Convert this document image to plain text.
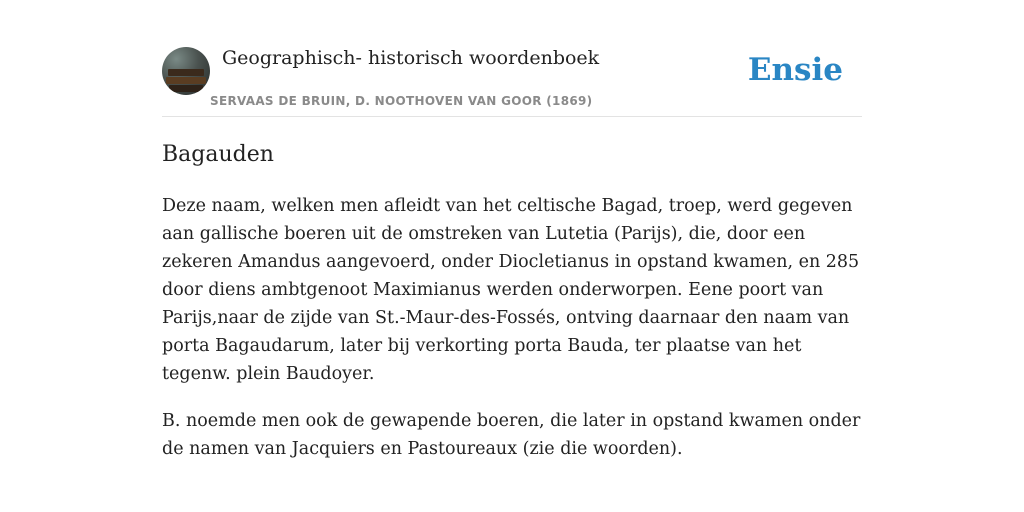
Geographisch- historisch woordenboek
SERVAAS DE BRUIN, D. NOOTHOVEN VAN GOOR (1869)
Ensie
Bagauden

Deze naam, welken men afleidt van het celtische Bagad, troep, werd gegeven aan gallische boeren uit de omstreken van Lutetia (Parijs), die, door een zekeren Amandus aangevoerd, onder Diocletianus in opstand kwamen, en 285 door diens ambtgenoot Maximianus werden onderworpen. Eene poort van Parijs,naar de zijde van St.-Maur-des-Fossés, ontving daarnaar den naam van porta Bagaudarum, later bij verkorting porta Bauda, ter plaatse van het tegenw. plein Baudoyer.

B. noemde men ook de gewapende boeren, die later in opstand kwamen onder de namen van Jacquiers en Pastoureaux (zie die woorden).
